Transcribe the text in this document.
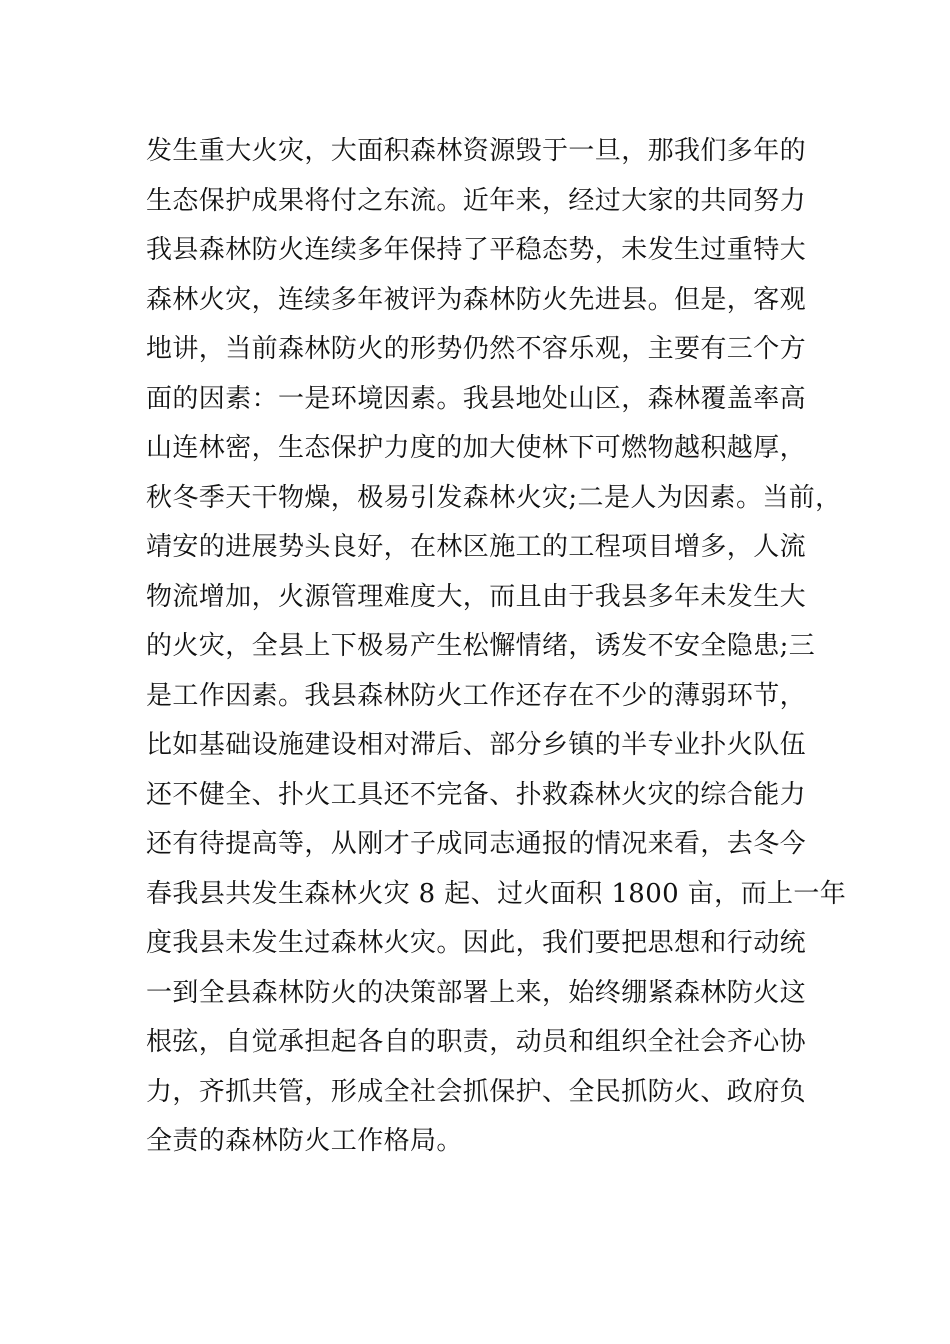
发生重大火灾，大面积森林资源毁于一旦，那我们多年的
生态保护成果将付之东流。近年来，经过大家的共同努力
我县森林防火连续多年保持了平稳态势，未发生过重特大
森林火灾，连续多年被评为森林防火先进县。但是，客观
地讲，当前森林防火的形势仍然不容乐观，主要有三个方
面的因素：一是环境因素。我县地处山区，森林覆盖率高
山连林密，生态保护力度的加大使林下可燃物越积越厚，
秋冬季天干物燥，极易引发森林火灾;二是人为因素。当前，
靖安的进展势头良好，在林区施工的工程项目增多，人流
物流增加，火源管理难度大，而且由于我县多年未发生大
的火灾，全县上下极易产生松懈情绪，诱发不安全隐患;三
是工作因素。我县森林防火工作还存在不少的薄弱环节，
比如基础设施建设相对滞后、部分乡镇的半专业扑火队伍
还不健全、扑火工具还不完备、扑救森林火灾的综合能力
还有待提高等，从刚才子成同志通报的情况来看，去冬今
春我县共发生森林火灾 8 起、过火面积 1800 亩，而上一年
度我县未发生过森林火灾。因此，我们要把思想和行动统
一到全县森林防火的决策部署上来，始终绷紧森林防火这
根弦，自觉承担起各自的职责，动员和组织全社会齐心协
力，齐抓共管，形成全社会抓保护、全民抓防火、政府负
全责的森林防火工作格局。
